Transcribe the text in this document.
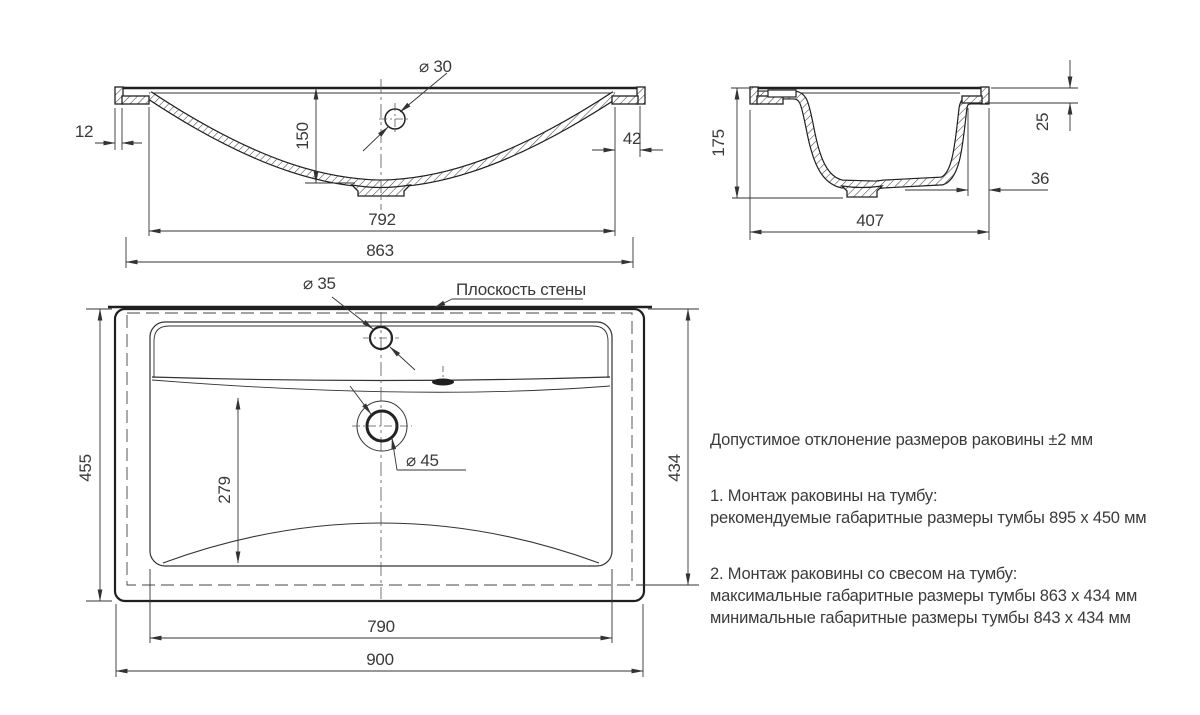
⌀ 30
12	150	42
792
863
175
25
36
407
Плоскость стены
⌀ 35
⌀ 45
455	434
279
790
900
Допустимое отклонение размеров раковины ±2 мм
1. Монтаж раковины на тумбу:
рекомендуемые габаритные размеры тумбы 895 х 450 мм
2. Монтаж раковины со свесом на тумбу:
максимальные габаритные размеры тумбы 863 х 434 мм
минимальные габаритные размеры тумбы 843 х 434 мм
